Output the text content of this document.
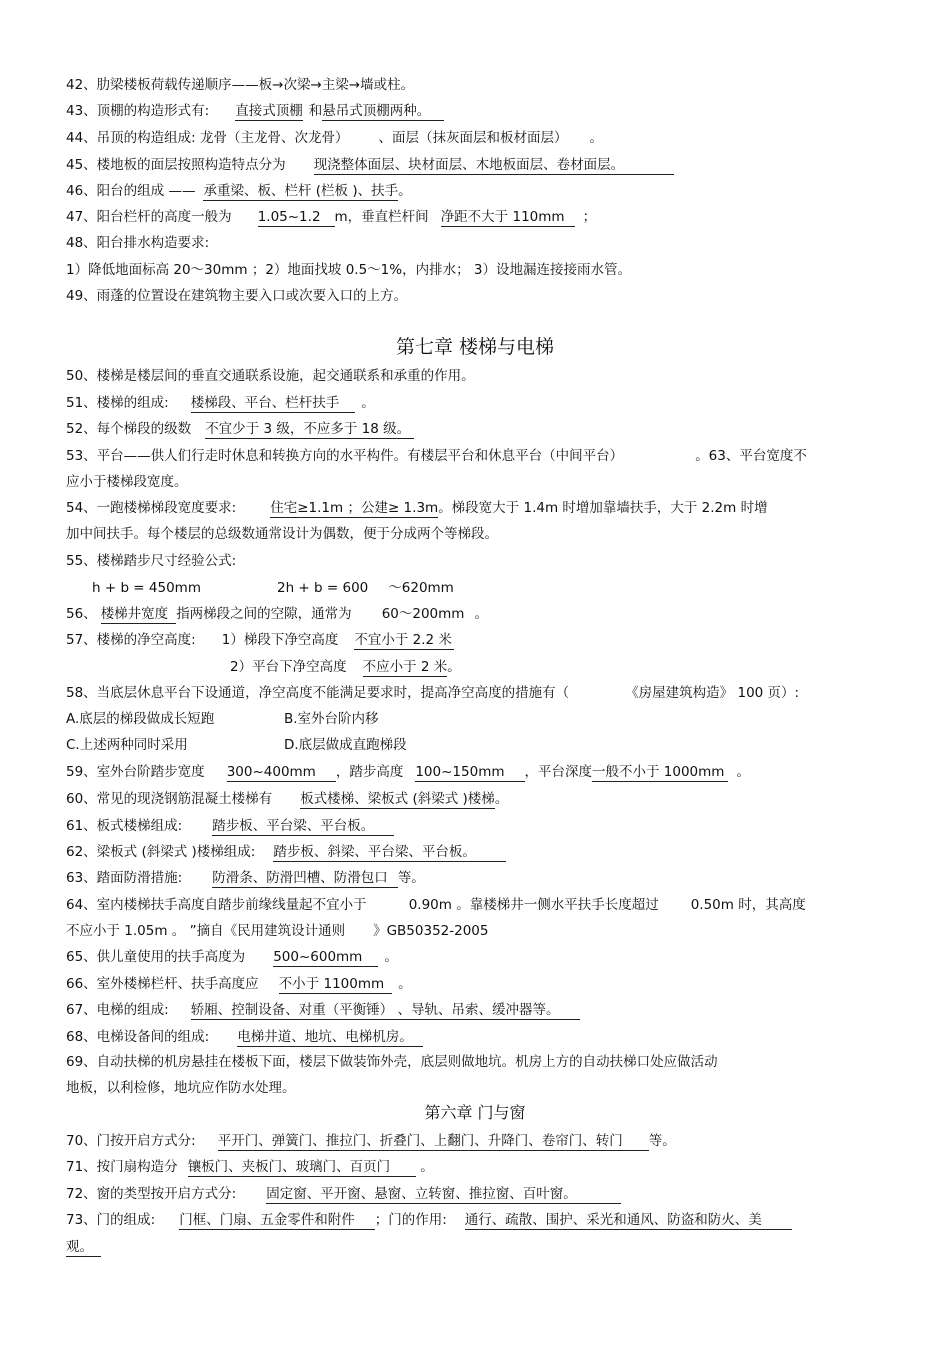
42、肋梁楼板荷载传递顺序——板→次梁→主梁→墙或柱。
43、顶棚的构造形式有: 直接式顶棚 和悬吊式顶棚两种。
44、吊顶的构造组成: 龙骨（主龙骨、次龙骨） 、面层（抹灰面层和板材面层） 。
45、楼地板的面层按照构造特点分为 现浇整体面层、块材面层、木地板面层、卷材面层。
46、阳台的组成 —— 承重梁、板、栏杆 (栏板 )、扶手。
47、阳台栏杆的高度一般为 1.05~1.2 m，垂直栏杆间 净距不大于 110mm ；
48、阳台排水构造要求:
1）降低地面标高 20～30mm ；2）地面找坡 0.5～1%，内排水； 3）设地漏连接接雨水管。
49、雨蓬的位置设在建筑物主要入口或次要入口的上方。
第七章 楼梯与电梯
50、楼梯是楼层间的垂直交通联系设施，起交通联系和承重的作用。
51、楼梯的组成: 楼梯段、平台、栏杆扶手 。
52、每个梯段的级数 不宜少于 3 级，不应多于 18 级。
53、平台——供人们行走时休息和转换方向的水平构件。有楼层平台和休息平台（中间平台）	。63、平台宽度不
应小于楼梯段宽度。
54、一跑楼梯梯段宽度要求:	住宅≥1.1m ；公建≥ 1.3m。梯段宽大于 1.4m 时增加靠墙扶手，大于 2.2m 时增
加中间扶手。每个楼层的总级数通常设计为偶数，便于分成两个等梯段。
55、楼梯踏步尺寸经验公式:
h + b = 450mm	2h + b = 600 ～620mm
56、 楼梯井宽度 指两梯段之间的空隙，通常为 60～200mm 。
57、楼梯的净空高度: 1）梯段下净空高度 不宜小于 2.2 米
2）平台下净空高度 不应小于 2 米。
58、当底层休息平台下设通道，净空高度不能满足要求时，提高净空高度的措施有（	《房屋建筑构造》 100 页）:
A.底层的梯段做成长短跑	B.室外台阶内移
C.上述两种同时采用	D.底层做成直跑梯段
59、室外台阶踏步宽度 300~400mm ，踏步高度 100~150mm ，平台深度一般不小于 1000mm 。
60、常见的现浇钢筋混凝土楼梯有 板式楼梯、梁板式 (斜梁式 )楼梯。
61、板式楼梯组成: 踏步板、平台梁、平台板。
62、梁板式 (斜梁式 )楼梯组成: 踏步板、斜梁、平台梁、平台板。
63、踏面防滑措施: 防滑条、防滑凹槽、防滑包口 等。
64、室内楼梯扶手高度自踏步前缘线量起不宜小于	0.90m 。靠楼梯井一侧水平扶手长度超过 0.50m 时，其高度
不应小于 1.05m 。 ”摘自《民用建筑设计通则 》GB50352-2005
65、供儿童使用的扶手高度为 500~600mm 。
66、室外楼梯栏杆、扶手高度应 不小于 1100mm 。
67、电梯的组成: 轿厢、控制设备、对重（平衡锤） 、导轨、吊索、缓冲器等。
68、电梯设备间的组成: 电梯井道、地坑、电梯机房。
69、自动扶梯的机房悬挂在楼板下面，楼层下做装饰外壳，底层则做地坑。机房上方的自动扶梯口处应做活动
地板，以利检修，地坑应作防水处理。
第六章 门与窗
70、门按开启方式分: 平开门、弹簧门、推拉门、折叠门、上翻门、升降门、卷帘门、转门 等。
71、按门扇构造分 镶板门、夹板门、玻璃门、百页门 。
72、窗的类型按开启方式分: 固定窗、平开窗、悬窗、立转窗、推拉窗、百叶窗。
73、门的组成: 门框、门扇、五金零件和附件 ；门的作用: 通行、疏散、围护、采光和通风、防盗和防火、美
观。
